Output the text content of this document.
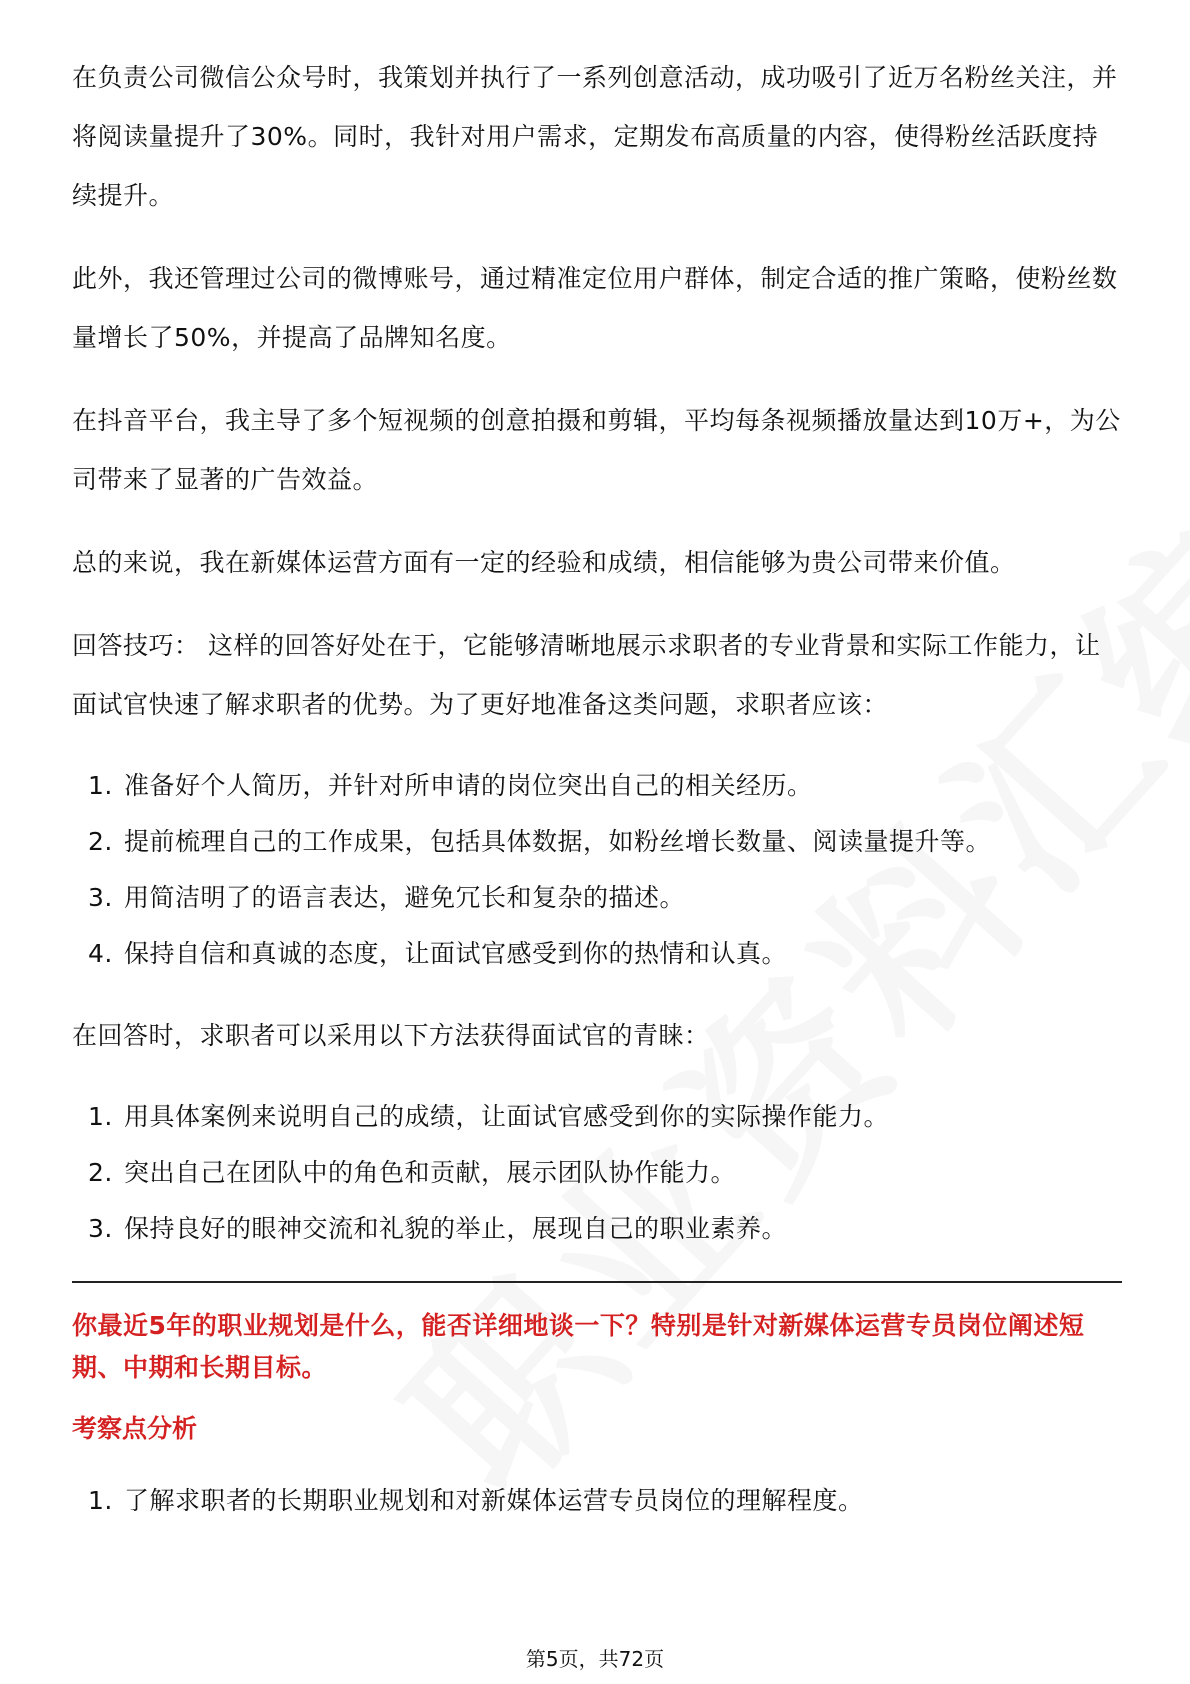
在负责公司微信公众号时，我策划并执行了一系列创意活动，成功吸引了近万名粉丝关注，并将阅读量提升了30%。同时，我针对用户需求，定期发布高质量的内容，使得粉丝活跃度持续提升。

此外，我还管理过公司的微博账号，通过精准定位用户群体，制定合适的推广策略，使粉丝数量增长了50%，并提高了品牌知名度。

在抖音平台，我主导了多个短视频的创意拍摄和剪辑，平均每条视频播放量达到10万+，为公司带来了显著的广告效益。

总的来说，我在新媒体运营方面有一定的经验和成绩，相信能够为贵公司带来价值。

回答技巧： 这样的回答好处在于，它能够清晰地展示求职者的专业背景和实际工作能力，让面试官快速了解求职者的优势。为了更好地准备这类问题，求职者应该：

1. 准备好个人简历，并针对所申请的岗位突出自己的相关经历。
2. 提前梳理自己的工作成果，包括具体数据，如粉丝增长数量、阅读量提升等。
3. 用简洁明了的语言表达，避免冗长和复杂的描述。
4. 保持自信和真诚的态度，让面试官感受到你的热情和认真。

在回答时，求职者可以采用以下方法获得面试官的青睐：

1. 用具体案例来说明自己的成绩，让面试官感受到你的实际操作能力。
2. 突出自己在团队中的角色和贡献，展示团队协作能力。
3. 保持良好的眼神交流和礼貌的举止，展现自己的职业素养。
你最近5年的职业规划是什么，能否详细地谈一下？特别是针对新媒体运营专员岗位阐述短期、中期和长期目标。
考察点分析
1. 了解求职者的长期职业规划和对新媒体运营专员岗位的理解程度。
第5页，共72页
